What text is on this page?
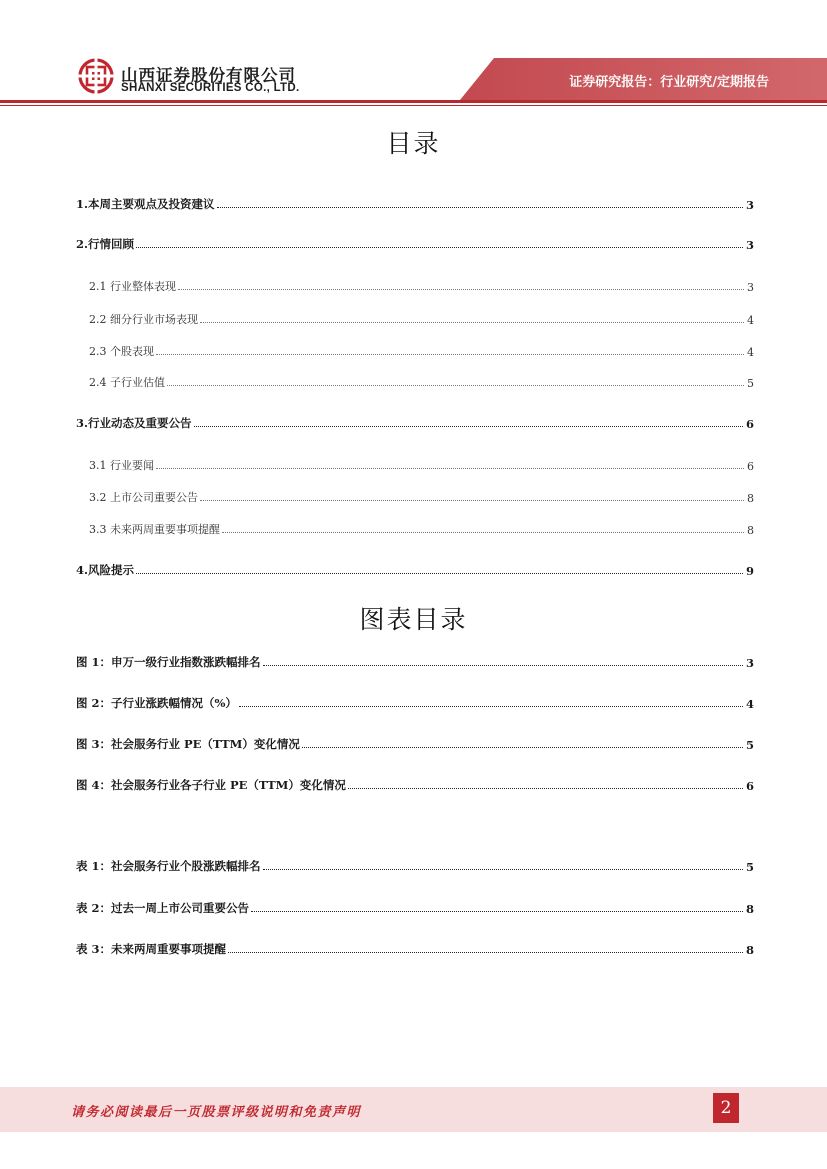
山西证券股份有限公司
SHANXI SECURITIES CO., LTD.	证券研究报告：行业研究/定期报告
目录
1.本周主要观点及投资建议	3
2.行情回顾	3
2.1 行业整体表现	3
2.2 细分行业市场表现	4
2.3 个股表现	4
2.4 子行业估值	5
3.行业动态及重要公告	6
3.1 行业要闻	6
3.2 上市公司重要公告	8
3.3 未来两周重要事项提醒	8
4.风险提示	9
图表目录
图 1：申万一级行业指数涨跌幅排名	3
图 2：子行业涨跌幅情况（%）	4
图 3：社会服务行业 PE（TTM）变化情况	5
图 4：社会服务行业各子行业 PE（TTM）变化情况	6
表 1：社会服务行业个股涨跌幅排名	5
表 2：过去一周上市公司重要公告	8
表 3：未来两周重要事项提醒	8
请务必阅读最后一页股票评级说明和免责声明	2
